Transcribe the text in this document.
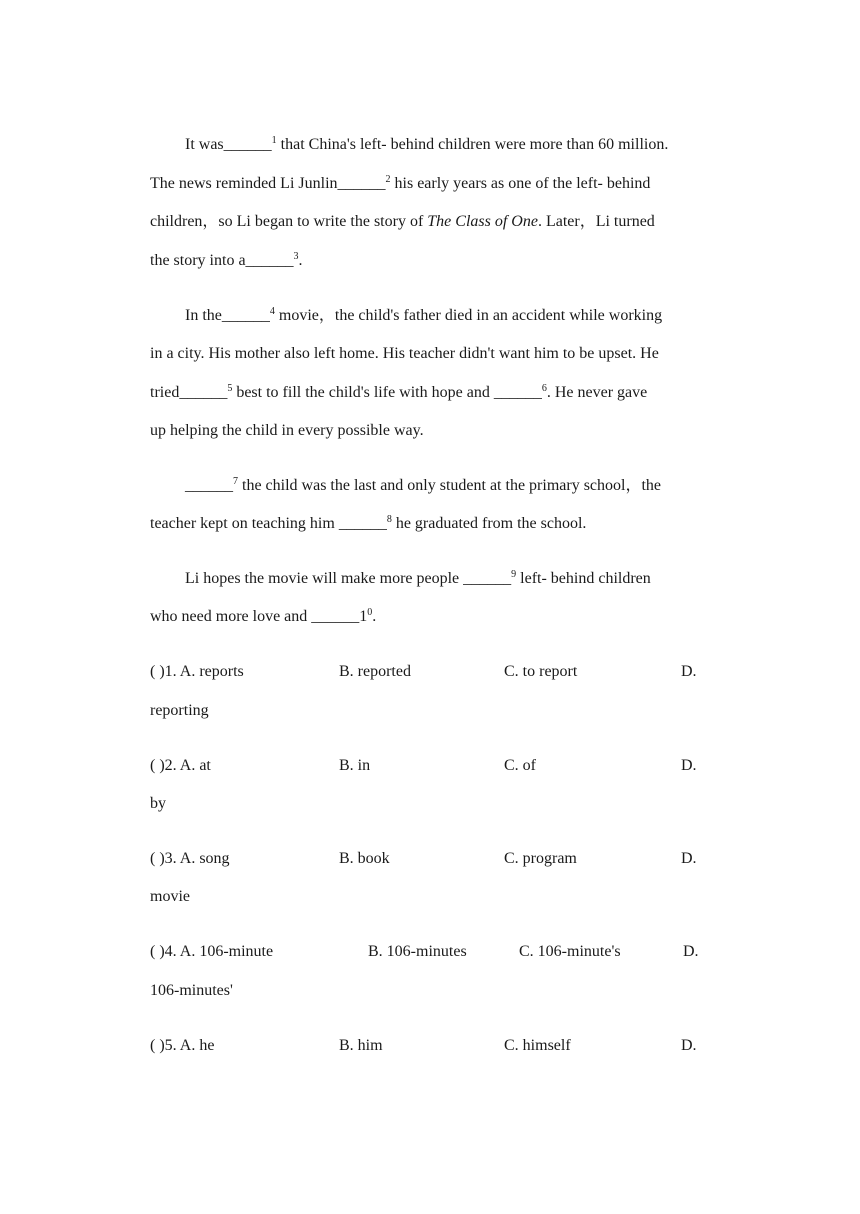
It was______$^1$ that China's left- behind children were more than 60 million.
The news reminded Li Junlin______$^2$ his early years as one of the left- behind
children，so Li began to write the story of The Class of One. Later，Li turned
the story into a______$^3$.
In the______$^4$ movie，the child's father died in an accident while working
in a city. His mother also left home. His teacher didn't want him to be upset. He
tried______$^5$ best to fill the child's life with hope and ______$^6$. He never gave
up helping the child in every possible way.
______$^7$ the child was the last and only student at the primary school，the
teacher kept on teaching him ______$^8$ he graduated from the school.
Li hopes the movie will make more people ______$^9$ left- behind children
who need more love and $\_\_\_\_\_\_1^0$.
( )1. A. reports	B. reported	C. to report	D.
reporting
( )2. A. at	B. in	C. of	D.
by
( )3. A. song	B. book	C. program	D.
movie
( )4. A. 106-minute	B. 106-minutes	C. 106-minute's	D.
106-minutes'
( )5. A. he	B. him	C. himself	D.
